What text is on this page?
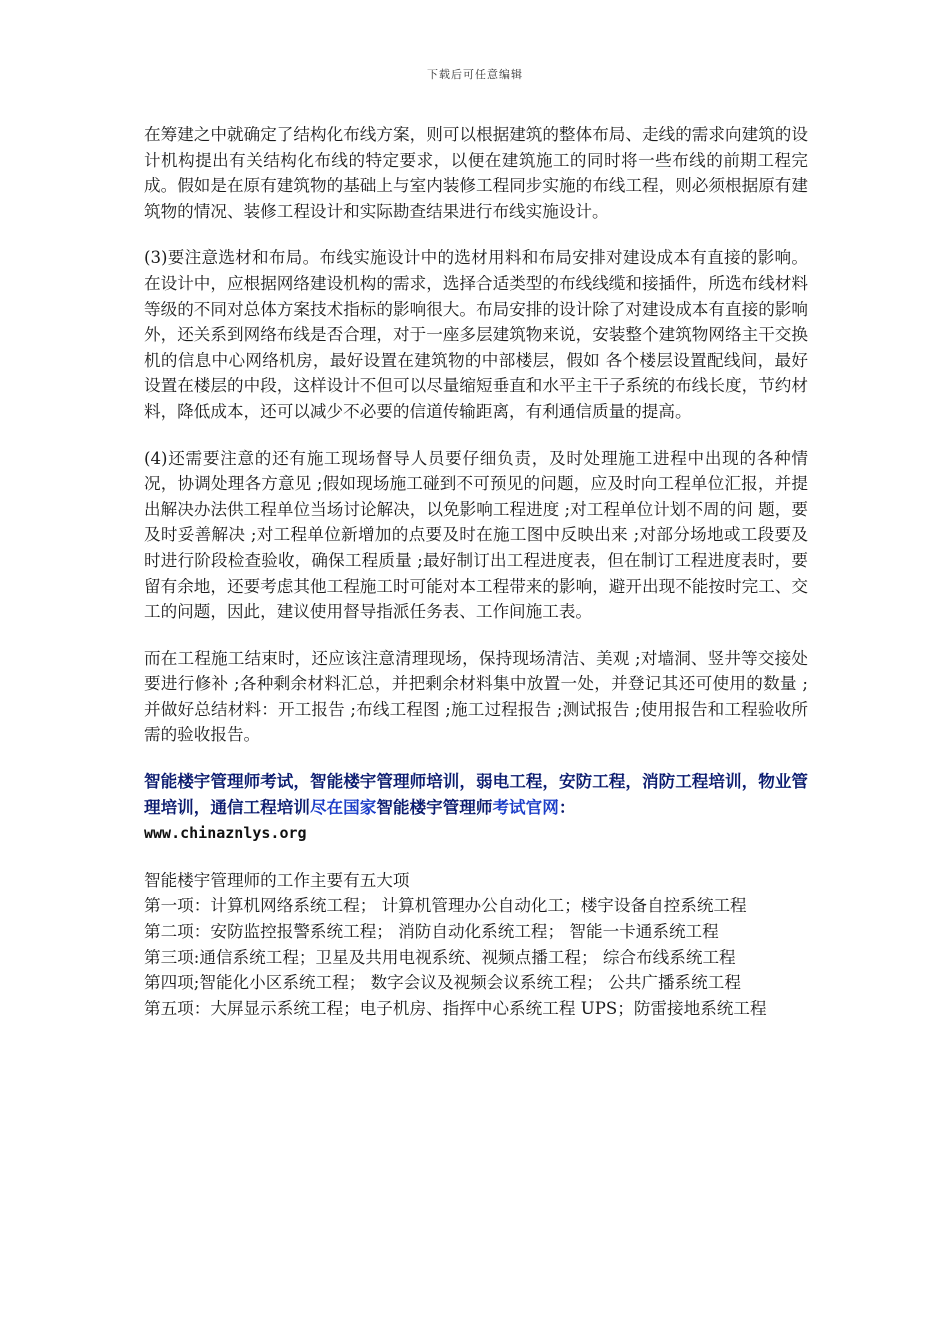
下载后可任意编辑

在筹建之中就确定了结构化布线方案，则可以根据建筑的整体布局、走线的需求向建筑的设计机构提出有关结构化布线的特定要求，以便在建筑施工的同时将一些布线的前期工程完成。假如是在原有建筑物的基础上与室内装修工程同步实施的布线工程，则必须根据原有建筑物的情况、装修工程设计和实际勘查结果进行布线实施设计。

(3)要注意选材和布局。布线实施设计中的选材用料和布局安排对建设成本有直接的影响。在设计中，应根据网络建设机构的需求，选择合适类型的布线线缆和接插件，所选布线材料等级的不同对总体方案技术指标的影响很大。布局安排的设计除了对建设成本有直接的影响外，还关系到网络布线是否合理，对于一座多层建筑物来说，安装整个建筑物网络主干交换机的信息中心网络机房，最好设置在建筑物的中部楼层，假如 各个楼层设置配线间，最好设置在楼层的中段，这样设计不但可以尽量缩短垂直和水平主干子系统的布线长度，节约材料，降低成本，还可以减少不必要的信道传输距离，有利通信质量的提高。

(4)还需要注意的还有施工现场督导人员要仔细负责，及时处理施工进程中出现的各种情况，协调处理各方意见 ;假如现场施工碰到不可预见的问题，应及时向工程单位汇报，并提出解决办法供工程单位当场讨论解决，以免影响工程进度 ;对工程单位计划不周的问 题，要及时妥善解决 ;对工程单位新增加的点要及时在施工图中反映出来 ;对部分场地或工段要及时进行阶段检查验收，确保工程质量 ;最好制订出工程进度表，但在制订工程进度表时，要留有余地，还要考虑其他工程施工时可能对本工程带来的影响，避开出现不能按时完工、交工的问题，因此，建议使用督导指派任务表、工作间施工表。

而在工程施工结束时，还应该注意清理现场，保持现场清洁、美观 ;对墙洞、竖井等交接处要进行修补 ;各种剩余材料汇总，并把剩余材料集中放置一处，并登记其还可使用的数量 ;并做好总结材料：开工报告 ;布线工程图 ;施工过程报告 ;测试报告 ;使用报告和工程验收所需的验收报告。

智能楼宇管理师考试，智能楼宇管理师培训，弱电工程，安防工程，消防工程培训，物业管理培训，通信工程培训尽在国家智能楼宇管理师考试官网：
www.chinaznlys.org

智能楼宇管理师的工作主要有五大项

第一项：计算机网络系统工程； 计算机管理办公自动化工；楼宇设备自控系统工程

第二项：安防监控报警系统工程； 消防自动化系统工程； 智能一卡通系统工程

第三项:通信系统工程；卫星及共用电视系统、视频点播工程； 综合布线系统工程

第四项;智能化小区系统工程； 数字会议及视频会议系统工程； 公共广播系统工程

第五项：大屏显示系统工程；电子机房、指挥中心系统工程 UPS；防雷接地系统工程
